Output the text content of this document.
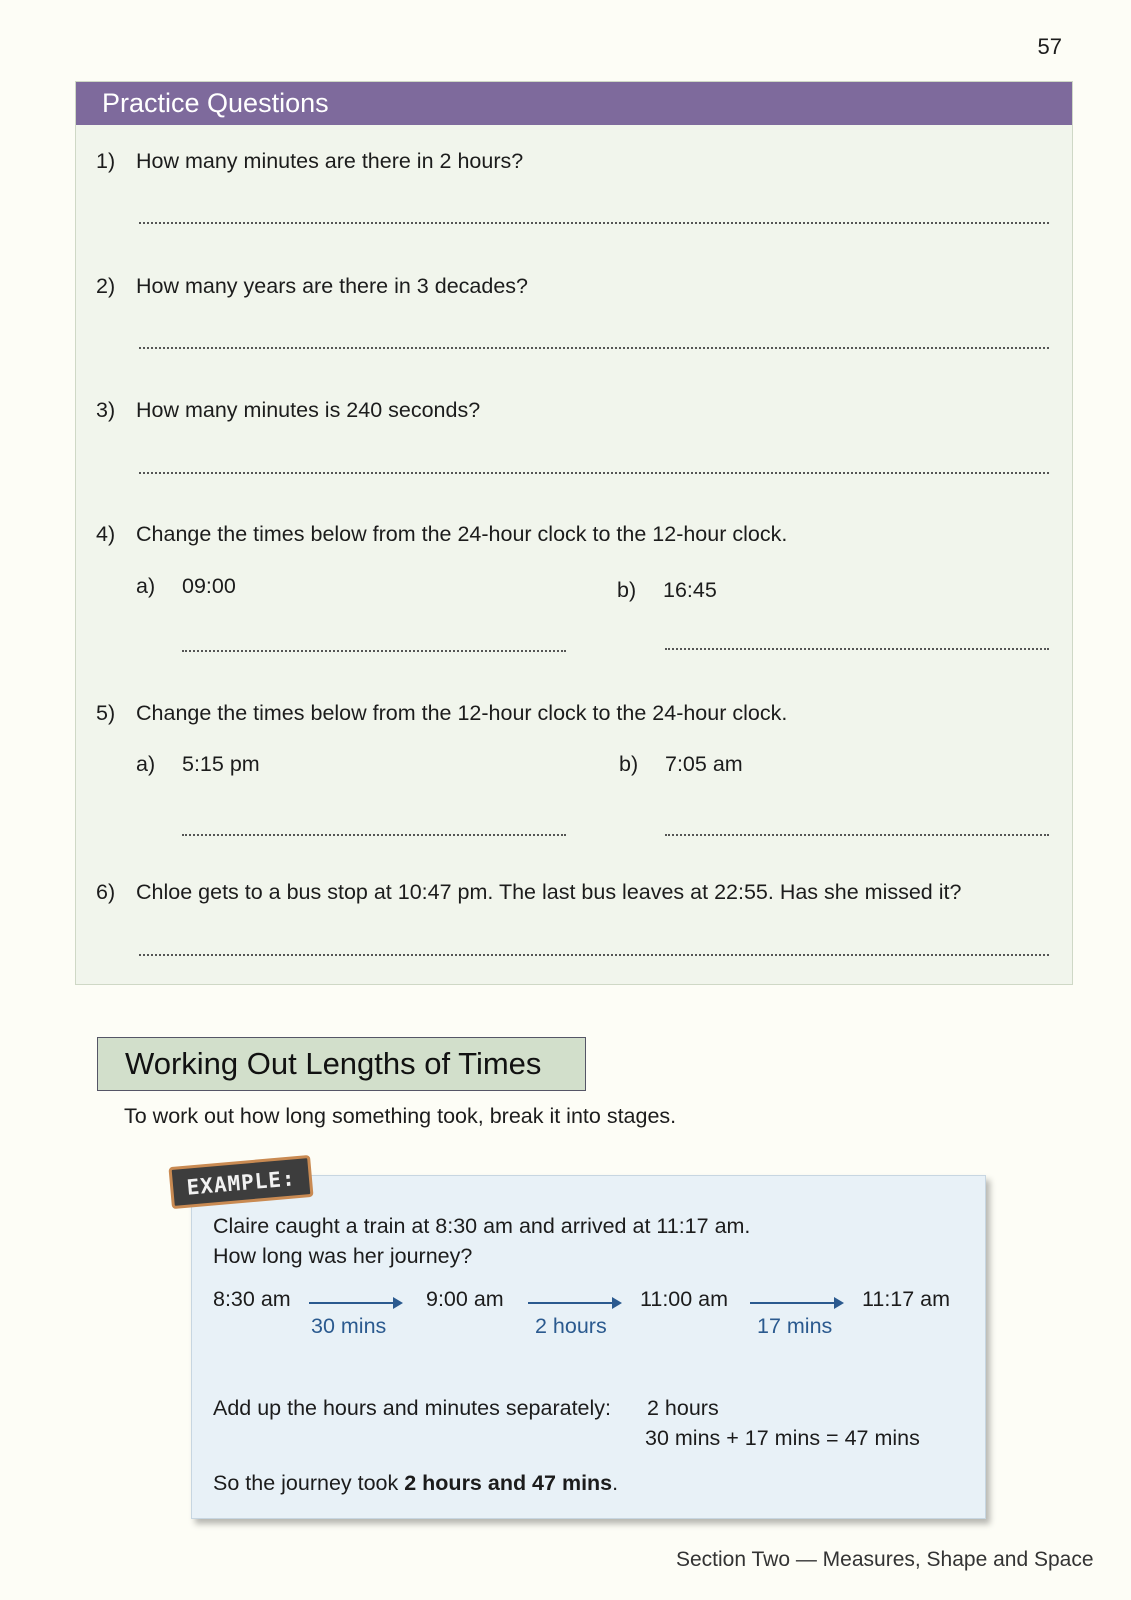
57
Practice Questions
1) How many minutes are there in 2 hours?
2) How many years are there in 3 decades?
3) How many minutes is 240 seconds?
4) Change the times below from the 24-hour clock to the 12-hour clock.
a) 09:00	b) 16:45
5) Change the times below from the 12-hour clock to the 24-hour clock.
a) 5:15 pm	b) 7:05 am
6) Chloe gets to a bus stop at 10:47 pm. The last bus leaves at 22:55. Has she missed it?
Working Out Lengths of Times
To work out how long something took, break it into stages.
EXAMPLE:
Claire caught a train at 8:30 am and arrived at 11:17 am.
How long was her journey?
8:30 am	9:00 am	11:00 am	11:17 am
30 mins	2 hours	17 mins
Add up the hours and minutes separately: 2 hours
30 mins + 17 mins = 47 mins
So the journey took 2 hours and 47 mins.
Section Two — Measures, Shape and Space
